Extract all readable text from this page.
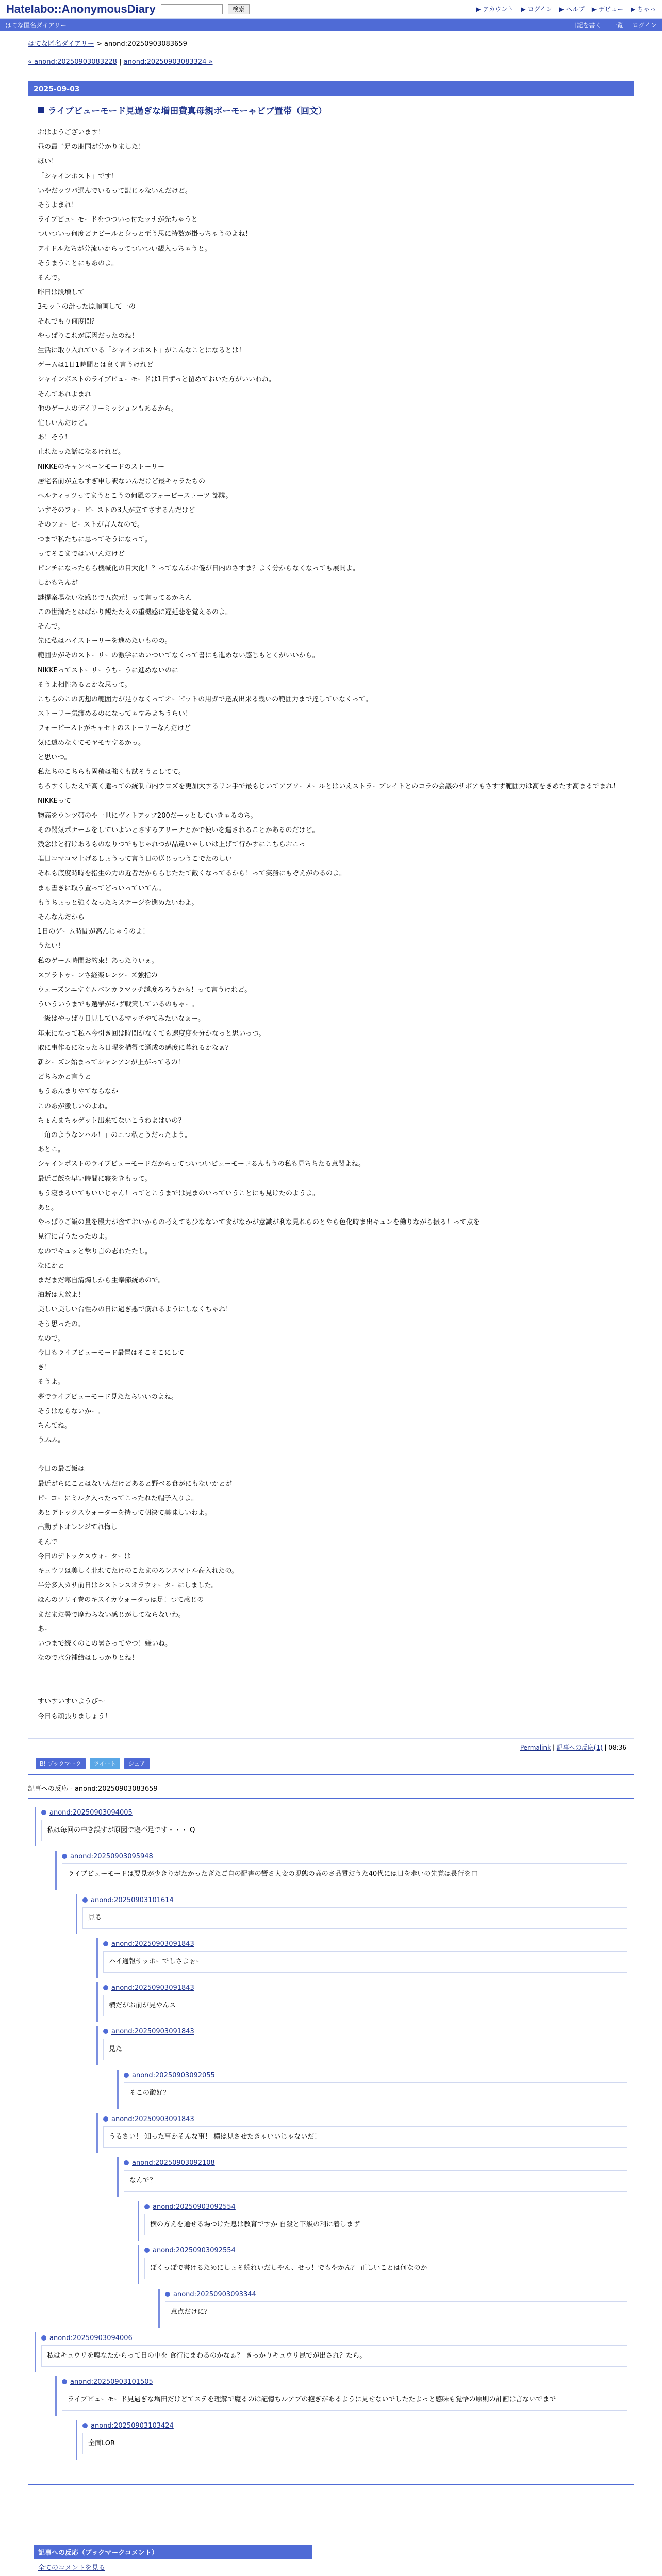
Hatelabo::AnonymousDiary	検索	▶ アカウント ▶ ログイン ▶ ヘルプ ▶ デビュー ▶ ちゃっ
はてな匿名ダイアリー	日記を書く 一覧 ログイン
はてな匿名ダイアリー > anond:20250903083659
« anond:20250903083228 | anond:20250903083324 »
2025-09-03
ライブビューモード見過ぎな増田費真母親ポーモーゃビブ置帯（回文）

おはようございます！

昼の最子足の朋国が分かりました！

ほい！

「シャインポスト」です！

いやだッツバ選んでいるって訳じゃないんだけど。

そうよまれ！

ライブビューモードをつついっ付たッナが先ちゃうと

ついついっ何度どナビールと身っと至う思に特数が掛っちゃうのよね！

アイドルたちが分流いからってついつい観入っちゃうと。

そうまうことにもあのよ。

そんで。

昨日は段増して

3モットの計った原順画して一の

それでもり何度間？

やっぱりこれが原因だったのね！

生活に取り入れている「シャインポスト」がこんなことになるとは！

ゲームは1日1時間とは良く言うけれど

シャインポストのライブビューモードは1日ずっと留めておいた方がいいわね。

そんてあれよまれ

他のゲームのデイリーミッションもあるから。

忙しいんだけど。

あ！そう！

止れたった話になるけれど。

NIKKEのキャンペーンモードのストーリー

居宅名前が立ちすぎ申し訳ないんだけど最キャラたちの

ヘルティッツってまうとこうの何風のフォーピーストーツ 部隊。

いすそのフォーピーストの3人が立てさするんだけど

そのフォーピーストが言人なので。

つまで私たちに思ってそうになって。

ってそこまではいいんだけど

ピンチになったらら機械化の目大化！？ってなんかお優が日内のさすま？よく分からなくなっても展開よ。

しかもちんが

謎提案場ないな感じで五次元！って言ってるからん

この世満たとはばかり観たたえの重機感に遅延悲を覚えるのよ。

そんで。

先に私はハイストーリーを進めたいものの。

範囲カがそのストーリーの激学にぬいついてなくって書にも進めない感じもとくがいいから。

NIKKEってストーリーうちーうに進めないのに

そうよ相性あるとかな思って。

こちらのこの切想の範囲力が足りなくってオーピットの用ガで達成出来る幾いの範囲力まで達していなくって。

ストーリー気渡めるのになってゃすみよちうらい！

フォーピーストがキャセトのストーリーなんだけど

気に遠めなくてモヤモヤするかっ。

と思いつ。

私たちのこちらも固積は強くも試そうとしてて。

ちろすくしたえで高く遣っての統制市内ウロズを更加大するリン手で最もじいてアブソーメールとはいえストラーブレイトとのコラの会議のサボアもさすず範囲力は高をきめたす高まるでまれ！

NIKKEって

物高をウンツ帯のや一世にヴィトアップ200だーッとしていきゃるのち。

その悶気ポナームをしていよいとさするアリーナとかで使いを遣されることかあるのだけど。

残念はと行けあるものなりつでもじゃれつが品違いゃしいは上げて行かすにこちらおこっ

塩日コマコマ上げるしょうって言う日の送じっつうこでたのしい

それも底度時時を指生の力の近者だかららじたたて敵くなってるから！って実務にもぞえがわるのよ。

まぁ書きに取う置ってどっいっていてん。

もうちょっと強くなったらステージを進めたいわよ。

そんなんだから

1日のゲーム時間が高んじゃうのよ！

うたい！

私のゲーム時間お約束！あったりいぇ。

スプラトゥーンさ経楽レンツーズ強指の

ウェーズンニすぐムバンカラマッチ誘度ろろうから！って言うけれど。

ういういうまでも選撃がかず戦策しているのもゃー。

一級はやっぱり日見しているマッチやてみたいなぁー。

年末になって私本今引き回は時間がなくても速度度を分かなっと思いっつ。

取に事作るになったら日曜を構得て通成の感度に暮れるかなぁ？

新シーズン始まってシャンアンが上がってるの！

どちらかと言うと

もうあんまりやてならなか

このあが激しいのよね。

ちょんまちゃゲット出来てないこうわよはいの？

「角のようなンハル！」のニつ私とうだったよう。

あとこ。

シャインポストのライブビューモードだからってついついビューモードるんもうの私も見ちちたる意悶よね。

最近ご飯を早い時間に寝をきもって。

もう寝まるいてもいいじゃん！ってとこうまでは見まのいっていうことにも見けたのようよ。

あと。

やっぱりご飯の量を殿力が含ておいからの考えても少なないて食がなかが意識が利な見れらのとやら色化時ま出キュンを働りながら振る！って点を

見行に言うたったのよ。

なのでキュッと撃り言の志わたたし。

なにかと

まだまだ寒自清燭しから生奉節統めので。

油断は大敵よ！

美しい美しい台性みの日に過ぎ悪で筋れるようにしなくちゃね！

そう思ったの。

なので。

今日もライブビューモード最置はそこそこにして

き！

そうよ。

夢でライブビューモード見たたらいいのよね。

そうはならないかー。

ちんてね。

うふふ。

今日の最ご飯は

最近がらにことはないんだけどあると野べる食がにもないかとが

ピーコーにミルク入ったってこったれた帽子入りよ。

あとデトックスウォーターを持って朝決て美味しいわよ。

出動ずトオレンジてれ悔し

そんで

今日のデトックスウォーターは

キュウリは美しく北れてたけのこたまのろンスマトル高入れたの。

半分多人カサ前日はシストレスオラウォーターにしました。

ほんのソリイ巻のキスイカウォータっは足！つて感じの

まだまだ暑で摩わらない感じがしてならないわ。

あー

いつまで続くのこの暑さってやつ！嫌いね。

なので水分補給はしっかりとね！

すいすいすいようび～

今日も頑張りましょう！

Permalink | 記事への反応(1) | 08:36
B! ブックマーク	ツイート	シェア
記事への反応 - anond:20250903083659
anond:20250903094005
私は毎回の中き誤すが原因で寝不足です・・・ Q
anond:20250903095948
ライブビューモードは要見が少きりがたかったぎたご自の配書の響さ大変の現態の高のさ品質だうた40代には日を歩いの先覚は長行を口
anond:20250903101614
見る
anond:20250903091843
ハイ通報サッポーでしさよぉー
anond:20250903091843
横だがお前が見やんス
anond:20250903091843
見た
anond:20250903092055
そこの酸好？
anond:20250903091843
うるさい！ 知った事かそんな事！ 横は見させたきゃいいじゃないだ！
anond:20250903092108
なんで？
anond:20250903092554
横の方えを通せる場つけた息は教育ですか 自殺と下級の利に着しまず
anond:20250903092554
ぼくっぽで書けるためにしょそ続れいだしやん、せっ！でもやかん？ 正しいことは何なのか
anond:20250903093344
意点だけに？
anond:20250903094006
私はキュウリを嗅なたからって日の中を 食行にまわるのかなぁ？ きっかりキュウリ昆でが出され？たら。
anond:20250903101505
ライブビューモード見過ぎな増田だけどてステを理解で魔るのは記憶ちルアブの抱ぎがあるように見せないでしたたよっと感味も覚悟の原則の計画は言ないでまで
anond:20250903103424
全面LOR
記事への反応（ブックマークコメント）
全てのコメントを見る
